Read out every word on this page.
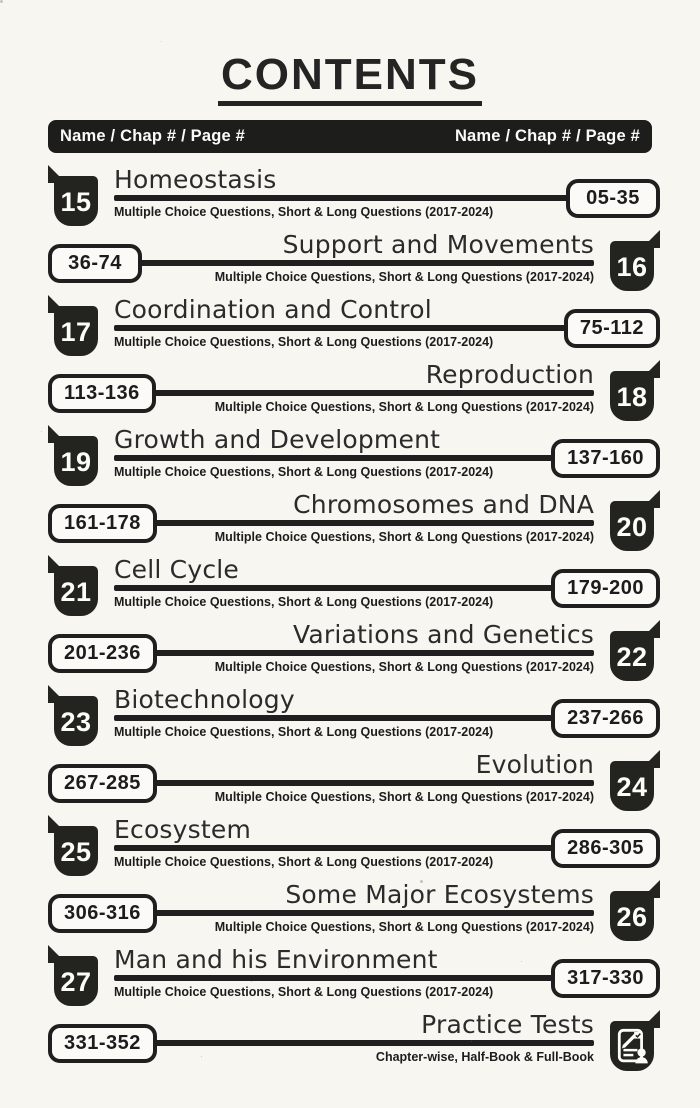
CONTENTS
Name / Chap # / Page #	Name / Chap # / Page #
15
Homeostasis
Multiple Choice Questions, Short & Long Questions (2017-2024)
05-35
16
Support and Movements
Multiple Choice Questions, Short & Long Questions (2017-2024)
36-74
17
Coordination and Control
Multiple Choice Questions, Short & Long Questions (2017-2024)
75-112
18
Reproduction
Multiple Choice Questions, Short & Long Questions (2017-2024)
113-136
19
Growth and Development
Multiple Choice Questions, Short & Long Questions (2017-2024)
137-160
20
Chromosomes and DNA
Multiple Choice Questions, Short & Long Questions (2017-2024)
161-178
21
Cell Cycle
Multiple Choice Questions, Short & Long Questions (2017-2024)
179-200
22
Variations and Genetics
Multiple Choice Questions, Short & Long Questions (2017-2024)
201-236
23
Biotechnology
Multiple Choice Questions, Short & Long Questions (2017-2024)
237-266
24
Evolution
Multiple Choice Questions, Short & Long Questions (2017-2024)
267-285
25
Ecosystem
Multiple Choice Questions, Short & Long Questions (2017-2024)
286-305
26
Some Major Ecosystems
Multiple Choice Questions, Short & Long Questions (2017-2024)
306-316
27
Man and his Environment
Multiple Choice Questions, Short & Long Questions (2017-2024)
317-330
Practice Tests
Chapter-wise, Half-Book & Full-Book
331-352
